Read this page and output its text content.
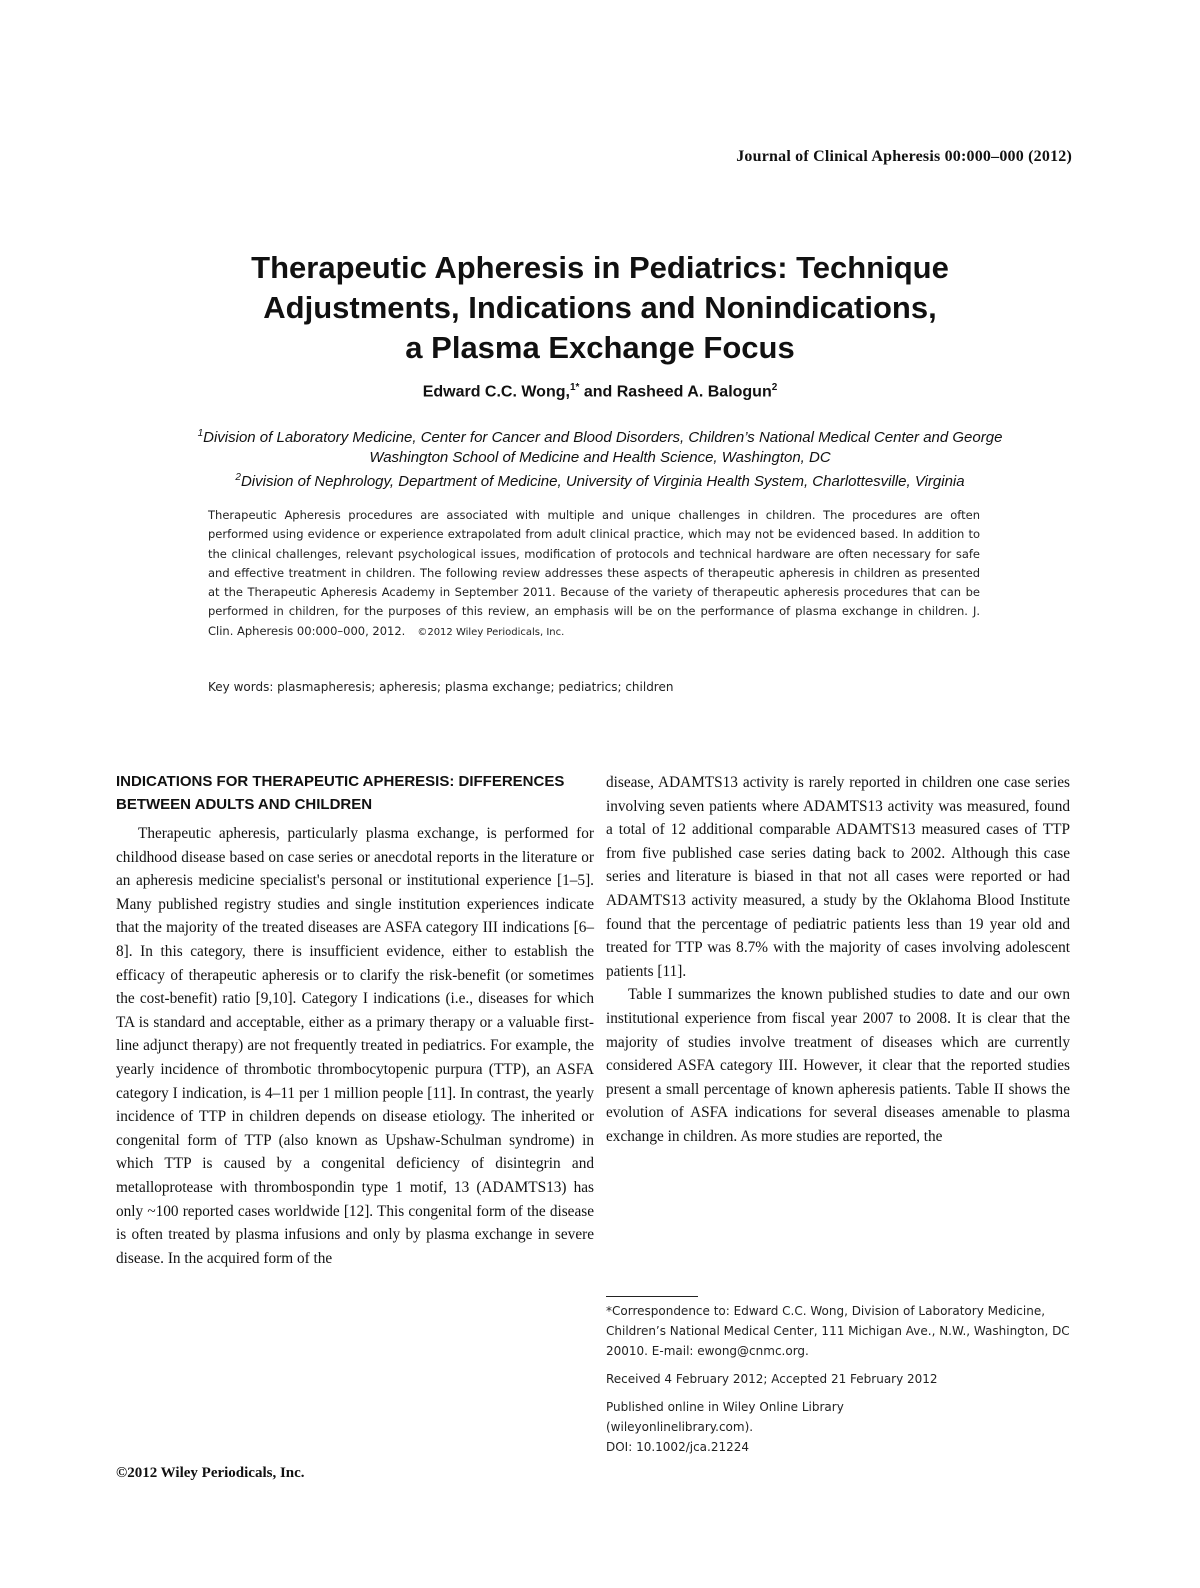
Journal of Clinical Apheresis 00:000–000 (2012)
Therapeutic Apheresis in Pediatrics: Technique
Adjustments, Indications and Nonindications,
a Plasma Exchange Focus
Edward C.C. Wong,$^{1*}$ and Rasheed A. Balogun$^2$
$^1$Division of Laboratory Medicine, Center for Cancer and Blood Disorders, Children’s National Medical Center and George
Washington School of Medicine and Health Science, Washington, DC
$^2$Division of Nephrology, Department of Medicine, University of Virginia Health System, Charlottesville, Virginia

Therapeutic Apheresis procedures are associated with multiple and unique challenges in children. The procedures are often performed using evidence or experience extrapolated from adult clinical practice, which may not be evidenced based. In addition to the clinical challenges, relevant psychological issues, modification of protocols and technical hardware are often necessary for safe and effective treatment in children. The following review addresses these aspects of therapeutic apheresis in children as presented at the Therapeutic Apheresis Academy in September 2011. Because of the variety of therapeutic apheresis procedures that can be performed in children, for the purposes of this review, an emphasis will be on the performance of plasma exchange in children. J. Clin. Apheresis 00:000–000, 2012. ©2012 Wiley Periodicals, Inc.

Key words: plasmapheresis; apheresis; plasma exchange; pediatrics; children
INDICATIONS FOR THERAPEUTIC APHERESIS: DIFFERENCES BETWEEN ADULTS AND CHILDREN

Therapeutic apheresis, particularly plasma exchange, is performed for childhood disease based on case series or anecdotal reports in the literature or an apheresis medicine specialist's personal or institutional experience [1–5]. Many published registry studies and single institution experiences indicate that the majority of the treated diseases are ASFA category III indications [6–8]. In this category, there is insufficient evidence, either to establish the efficacy of therapeutic apheresis or to clarify the risk-benefit (or sometimes the cost-benefit) ratio [9,10]. Category I indications (i.e., diseases for which TA is standard and acceptable, either as a primary therapy or a valuable first-line adjunct therapy) are not frequently treated in pediatrics. For example, the yearly incidence of thrombotic thrombocytopenic purpura (TTP), an ASFA category I indication, is 4–11 per 1 million people [11]. In contrast, the yearly incidence of TTP in children depends on disease etiology. The inherited or congenital form of TTP (also known as Upshaw-Schulman syndrome) in which TTP is caused by a congenital deficiency of disintegrin and metalloprotease with thrombospondin type 1 motif, 13 (ADAMTS13) has only ~100 reported cases worldwide [12]. This congenital form of the disease is often treated by plasma infusions and only by plasma exchange in severe disease. In the acquired form of the

disease, ADAMTS13 activity is rarely reported in children one case series involving seven patients where ADAMTS13 activity was measured, found a total of 12 additional comparable ADAMTS13 measured cases of TTP from five published case series dating back to 2002. Although this case series and literature is biased in that not all cases were reported or had ADAMTS13 activity measured, a study by the Oklahoma Blood Institute found that the percentage of pediatric patients less than 19 year old and treated for TTP was 8.7% with the majority of cases involving adolescent patients [11].

Table I summarizes the known published studies to date and our own institutional experience from fiscal year 2007 to 2008. It is clear that the majority of studies involve treatment of diseases which are currently considered ASFA category III. However, it clear that the reported studies present a small percentage of known apheresis patients. Table II shows the evolution of ASFA indications for several diseases amenable to plasma exchange in children. As more studies are reported, the

*Correspondence to: Edward C.C. Wong, Division of Laboratory Medicine, Children’s National Medical Center, 111 Michigan Ave., N.W., Washington, DC 20010. E-mail: ewong@cnmc.org.

Received 4 February 2012; Accepted 21 February 2012

Published online in Wiley Online Library
(wileyonlinelibrary.com).
DOI: 10.1002/jca.21224

©2012 Wiley Periodicals, Inc.
